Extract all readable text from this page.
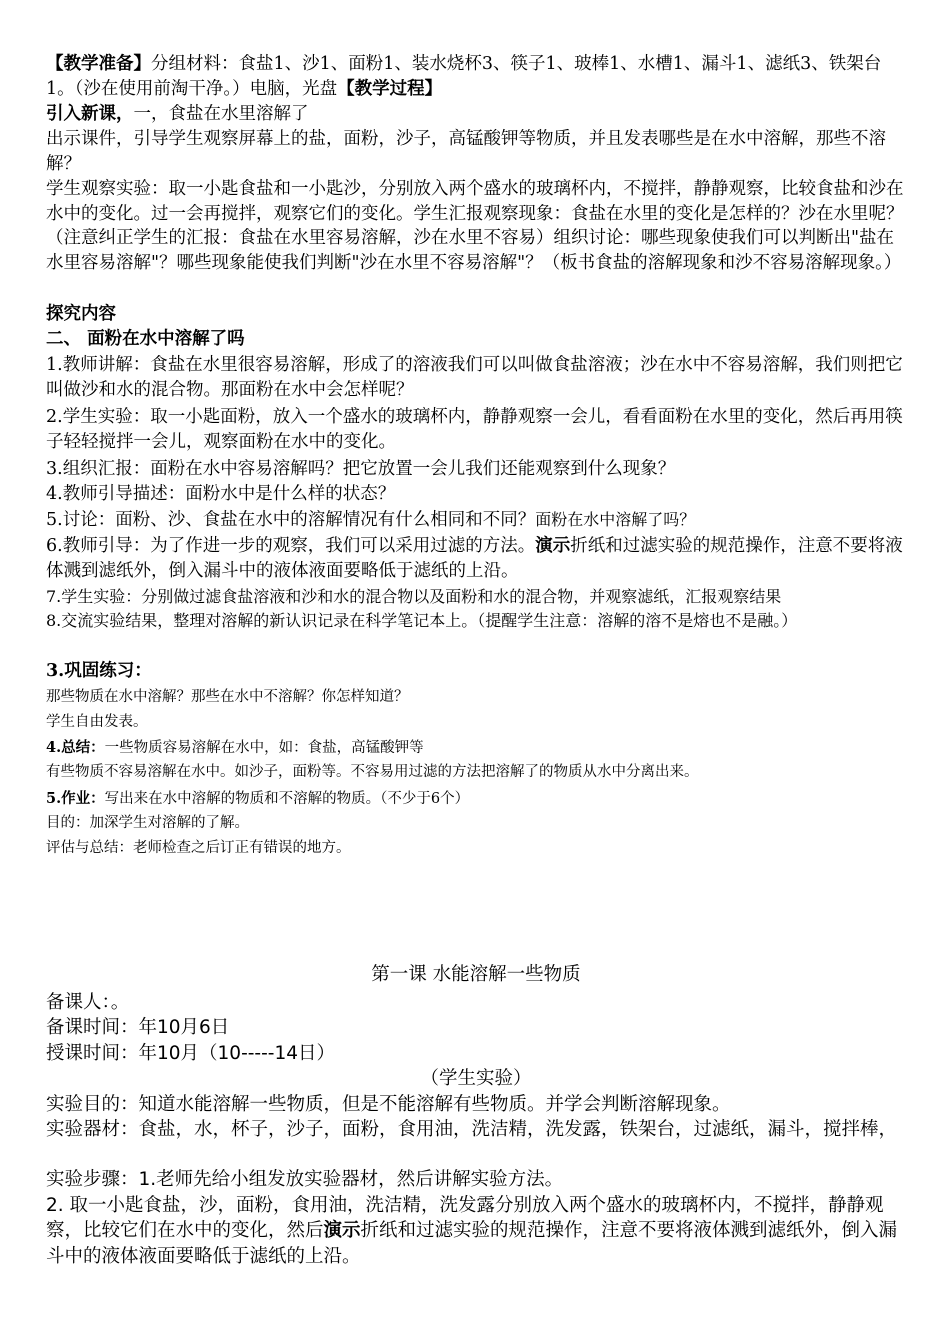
【教学准备】分组材料：食盐1、沙1、面粉1、装水烧杯3、筷子1、玻棒1、水槽1、漏斗1、滤纸3、铁架台1。（沙在使用前淘干净。）电脑，光盘【教学过程】

引入新课，一，食盐在水里溶解了

出示课件，引导学生观察屏幕上的盐，面粉，沙子，高锰酸钾等物质，并且发表哪些是在水中溶解，那些不溶解？

学生观察实验：取一小匙食盐和一小匙沙，分别放入两个盛水的玻璃杯内，不搅拌，静静观察，比较食盐和沙在水中的变化。过一会再搅拌，观察它们的变化。学生汇报观察现象：食盐在水里的变化是怎样的？沙在水里呢？（注意纠正学生的汇报：食盐在水里容易溶解，沙在水里不容易）组织讨论：哪些现象使我们可以判断出"盐在水里容易溶解"？哪些现象能使我们判断"沙在水里不容易溶解"？（板书食盐的溶解现象和沙不容易溶解现象。）

探究内容

二、 面粉在水中溶解了吗

1.教师讲解：食盐在水里很容易溶解，形成了的溶液我们可以叫做食盐溶液；沙在水中不容易溶解，我们则把它叫做沙和水的混合物。那面粉在水中会怎样呢？

2.学生实验：取一小匙面粉，放入一个盛水的玻璃杯内，静静观察一会儿，看看面粉在水里的变化，然后再用筷子轻轻搅拌一会儿，观察面粉在水中的变化。

3.组织汇报：面粉在水中容易溶解吗？把它放置一会儿我们还能观察到什么现象？

4.教师引导描述：面粉水中是什么样的状态？

5.讨论：面粉、沙、食盐在水中的溶解情况有什么相同和不同？面粉在水中溶解了吗？

6.教师引导：为了作进一步的观察，我们可以采用过滤的方法。演示折纸和过滤实验的规范操作，注意不要将液体溅到滤纸外，倒入漏斗中的液体液面要略低于滤纸的上沿。

7.学生实验：分别做过滤食盐溶液和沙和水的混合物以及面粉和水的混合物，并观察滤纸，汇报观察结果

8.交流实验结果，整理对溶解的新认识记录在科学笔记本上。（提醒学生注意：溶解的溶不是熔也不是融。）

3.巩固练习：

那些物质在水中溶解？那些在水中不溶解？你怎样知道？

学生自由发表。

4.总结：一些物质容易溶解在水中，如：食盐，高锰酸钾等

有些物质不容易溶解在水中。如沙子，面粉等。不容易用过滤的方法把溶解了的物质从水中分离出来。

5.作业：写出来在水中溶解的物质和不溶解的物质。（不少于6个）

目的：加深学生对溶解的了解。

评估与总结：老师检查之后订正有错误的地方。

第一课 水能溶解一些物质

备课人：。

备课时间：年10月6日

授课时间：年10月（10-----14日）

（学生实验）

实验目的：知道水能溶解一些物质，但是不能溶解有些物质。并学会判断溶解现象。

实验器材：食盐，水，杯子，沙子，面粉，食用油，洗洁精，洗发露，铁架台，过滤纸，漏斗，搅拌棒，

实验步骤：1.老师先给小组发放实验器材，然后讲解实验方法。

2. 取一小匙食盐，沙，面粉，食用油，洗洁精，洗发露分别放入两个盛水的玻璃杯内，不搅拌，静静观察，比较它们在水中的变化，然后演示折纸和过滤实验的规范操作，注意不要将液体溅到滤纸外，倒入漏斗中的液体液面要略低于滤纸的上沿。
